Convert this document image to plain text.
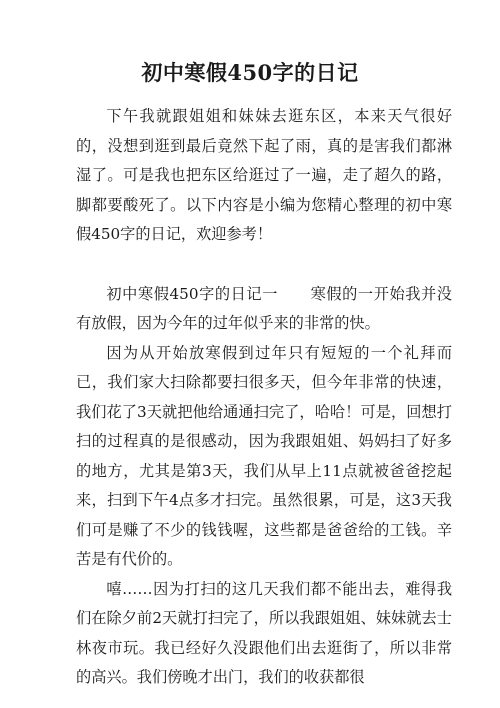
初中寒假450字的日记

下午我就跟姐姐和妹妹去逛东区，本来天气很好的，没想到逛到最后竟然下起了雨，真的是害我们都淋湿了。可是我也把东区给逛过了一遍，走了超久的路，脚都要酸死了。以下内容是小编为您精心整理的初中寒假450字的日记，欢迎参考！

初中寒假450字的日记一 寒假的一开始我并没有放假，因为今年的过年似乎来的非常的快。

因为从开始放寒假到过年只有短短的一个礼拜而已，我们家大扫除都要扫很多天，但今年非常的快速，我们花了3天就把他给通通扫完了，哈哈！可是，回想打扫的过程真的是很感动，因为我跟姐姐、妈妈扫了好多的地方，尤其是第3天，我们从早上11点就被爸爸挖起来，扫到下午4点多才扫完。虽然很累，可是，这3天我们可是赚了不少的钱钱喔，这些都是爸爸给的工钱。辛苦是有代价的。

嘻……因为打扫的这几天我们都不能出去，难得我们在除夕前2天就打扫完了，所以我跟姐姐、妹妹就去士林夜市玩。我已经好久没跟他们出去逛街了，所以非常的高兴。我们傍晚才出门，我们的收获都很
